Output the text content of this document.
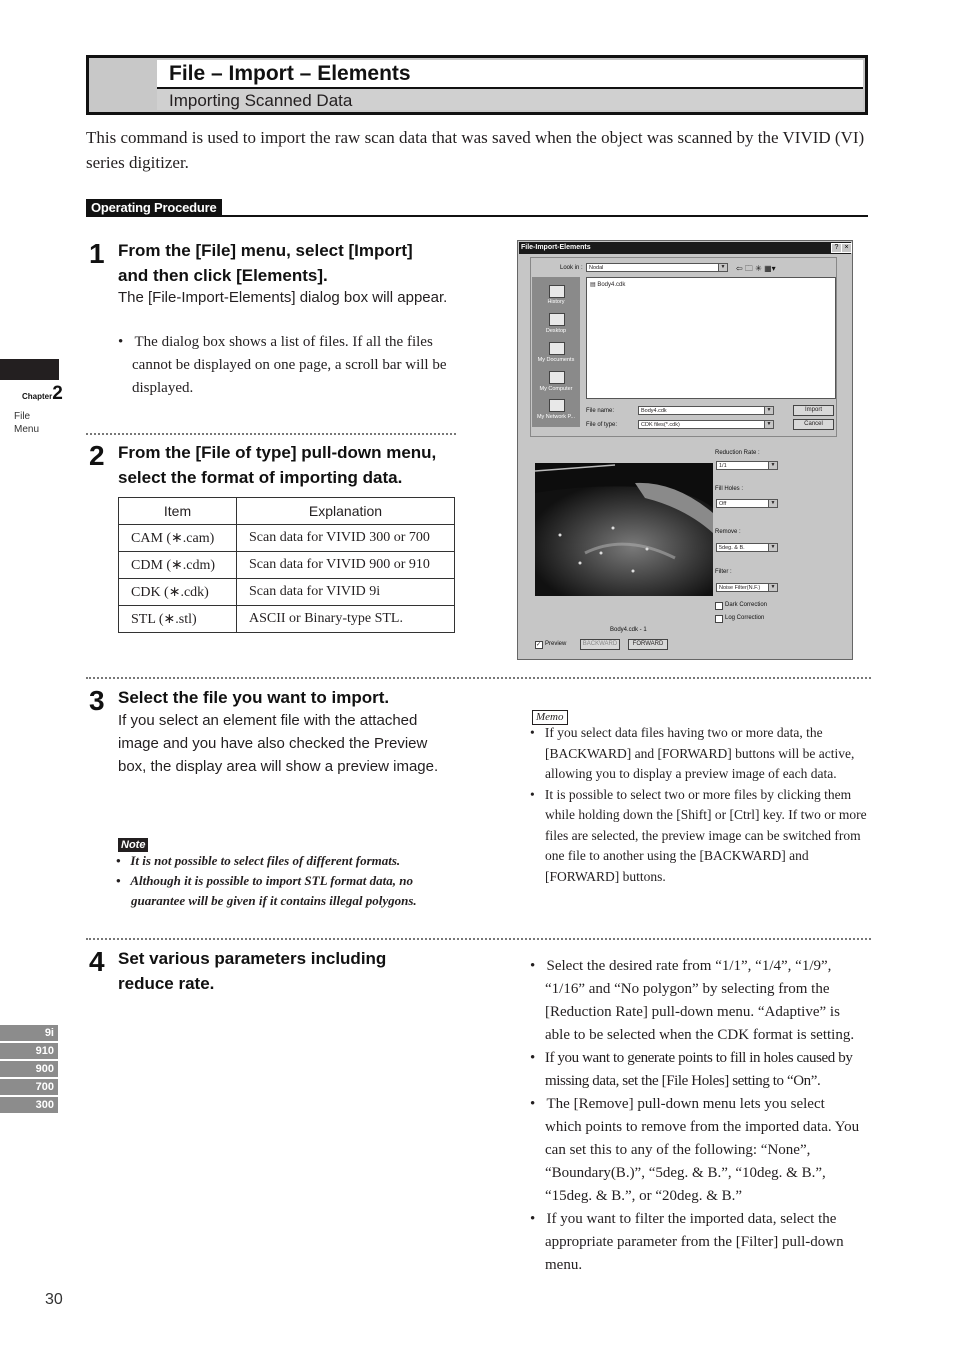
File – Import – Elements
Importing Scanned Data
This command is used to import the raw scan data that was saved when the object was scanned by the VIVID (VI) series digitizer.
Operating Procedure
Chapter2
File
Menu
9i
910
900
700
300
1 From the [File] menu, select [Import] and then click [Elements].
The [File-Import-Elements] dialog box will appear.
•   The dialog box shows a list of files. If all the files cannot be displayed on one page, a scroll bar will be displayed.
2 From the [File of type] pull-down menu, select the format of importing data.
Item	Explanation
CAM (∗.cam)	Scan data for VIVID 300 or 700
CDM (∗.cdm)	Scan data for VIVID 900 or 910
CDK (∗.cdk)	Scan data for VIVID 9i
STL (∗.stl)	ASCII or Binary-type STL.
File-Import-Elements	? ×
Look in :	Nodal	▼ ⇦ 🗀 ✳ ▦▾
History
Desktop
My Documents
My Computer
My Network P...
▤ Body4.cdk
File name:	Body4.cdk	▼	Import
File of type:	CDK files(*.cdk)	▼	Cancel
Reduction Rate :
1/1	▼
Fill Holes :
Off	▼
Remove :
5deg. & B.	▼
Filter :
Noise Filter(N.F.)	▼
Dark Correction
Log Correction
Body4.cdk - 1
✓ Preview	BACKWARD	FORWARD
3 Select the file you want to import.
If you select an element file with the attached image and you have also checked the Preview box, the display area will show a preview image.
Note
•   It is not possible to select files of different formats.
•   Although it is possible to import STL format data, no guarantee will be given if it contains illegal polygons.
Memo
•   If you select data files having two or more data, the [BACKWARD] and [FORWARD] buttons will be active, allowing you to display a preview image of each data.
•   It is possible to select two or more files by clicking them while holding down the [Shift] or [Ctrl] key. If two or more files are selected, the preview image can be switched from one file to another using the [BACKWARD] and [FORWARD] buttons.
4 Set various parameters including reduce rate.
•   Select the desired rate from “1/1”, “1/4”, “1/9”, “1/16” and “No polygon” by selecting from the [Reduction Rate] pull-down menu. “Adaptive” is able to be selected when the CDK format is setting.
•   If you want to generate points to fill in holes caused by missing data, set the [File Holes] setting to “On”.
•   The [Remove] pull-down menu lets you select which points to remove from the imported data. You can set this to any of the following: “None”, “Boundary(B.)”, “5deg. & B.”, “10deg. & B.”, “15deg. & B.”, or “20deg. & B.”
•   If you want to filter the imported data, select the appropriate parameter from the [Filter] pull-down menu.
30
